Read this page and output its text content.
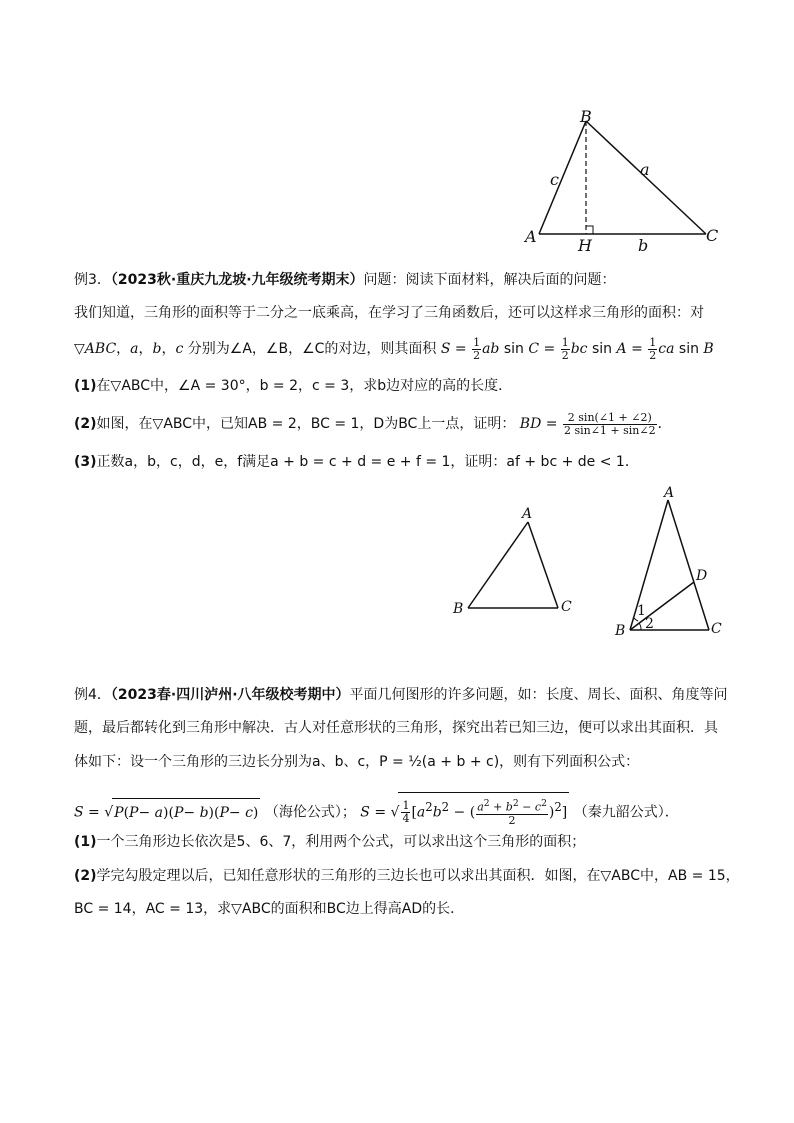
B
A	C
H
a
b
c
例3．（2023秋·重庆九龙坡·九年级统考期末）问题：阅读下面材料，解决后面的问题：
我们知道，三角形的面积等于二分之一底乘高，在学习了三角函数后，还可以这样求三角形的面积：对
▽ABC，a，b，c 分别为∠A，∠B，∠C的对边，则其面积 $S = \frac{1}{2}$ ab $\sin C = \frac{1}{2}$ bc $\sin A = \frac{1}{2}$ ca sin B
(1)在▽ABC中，∠A = 30°，b = 2，c = 3，求b边对应的高的长度．
(2)如图，在▽ABC中，已知AB = 2，BC = 1，D为BC上一点，证明： BD = $\frac{2 \sin(\angle 1 + \angle 2)}{2 \sin\angle 1 + \sin\angle 2}$ ．
(3)正数a，b，c，d，e，f满足a + b = c + d = e + f = 1，证明：af + bc + de < 1．
A
B	C
A
B	C
D
1
2
例4．（2023春·四川泸州·八年级校考期中）平面几何图形的许多问题，如：长度、周长、面积、角度等问
题，最后都转化到三角形中解决．古人对任意形状的三角形，探究出若已知三边，便可以求出其面积．具
体如下：设一个三角形的三边长分别为a、b、c，P = ½(a + b + c)，则有下列面积公式：
S = √P(P− a)(P− b)(P− c) （海伦公式）； S = √ $\frac{1}{4} [a^2b^2$ − ( $\frac{a^2 + b^2 - c^2}{2} )^2$] （秦九韶公式）．
(1)一个三角形边长依次是5、6、7，利用两个公式，可以求出这个三角形的面积；
(2)学完勾股定理以后，已知任意形状的三角形的三边长也可以求出其面积．如图，在▽ABC中，AB = 15，
BC = 14，AC = 13，求▽ABC的面积和BC边上得高AD的长．
